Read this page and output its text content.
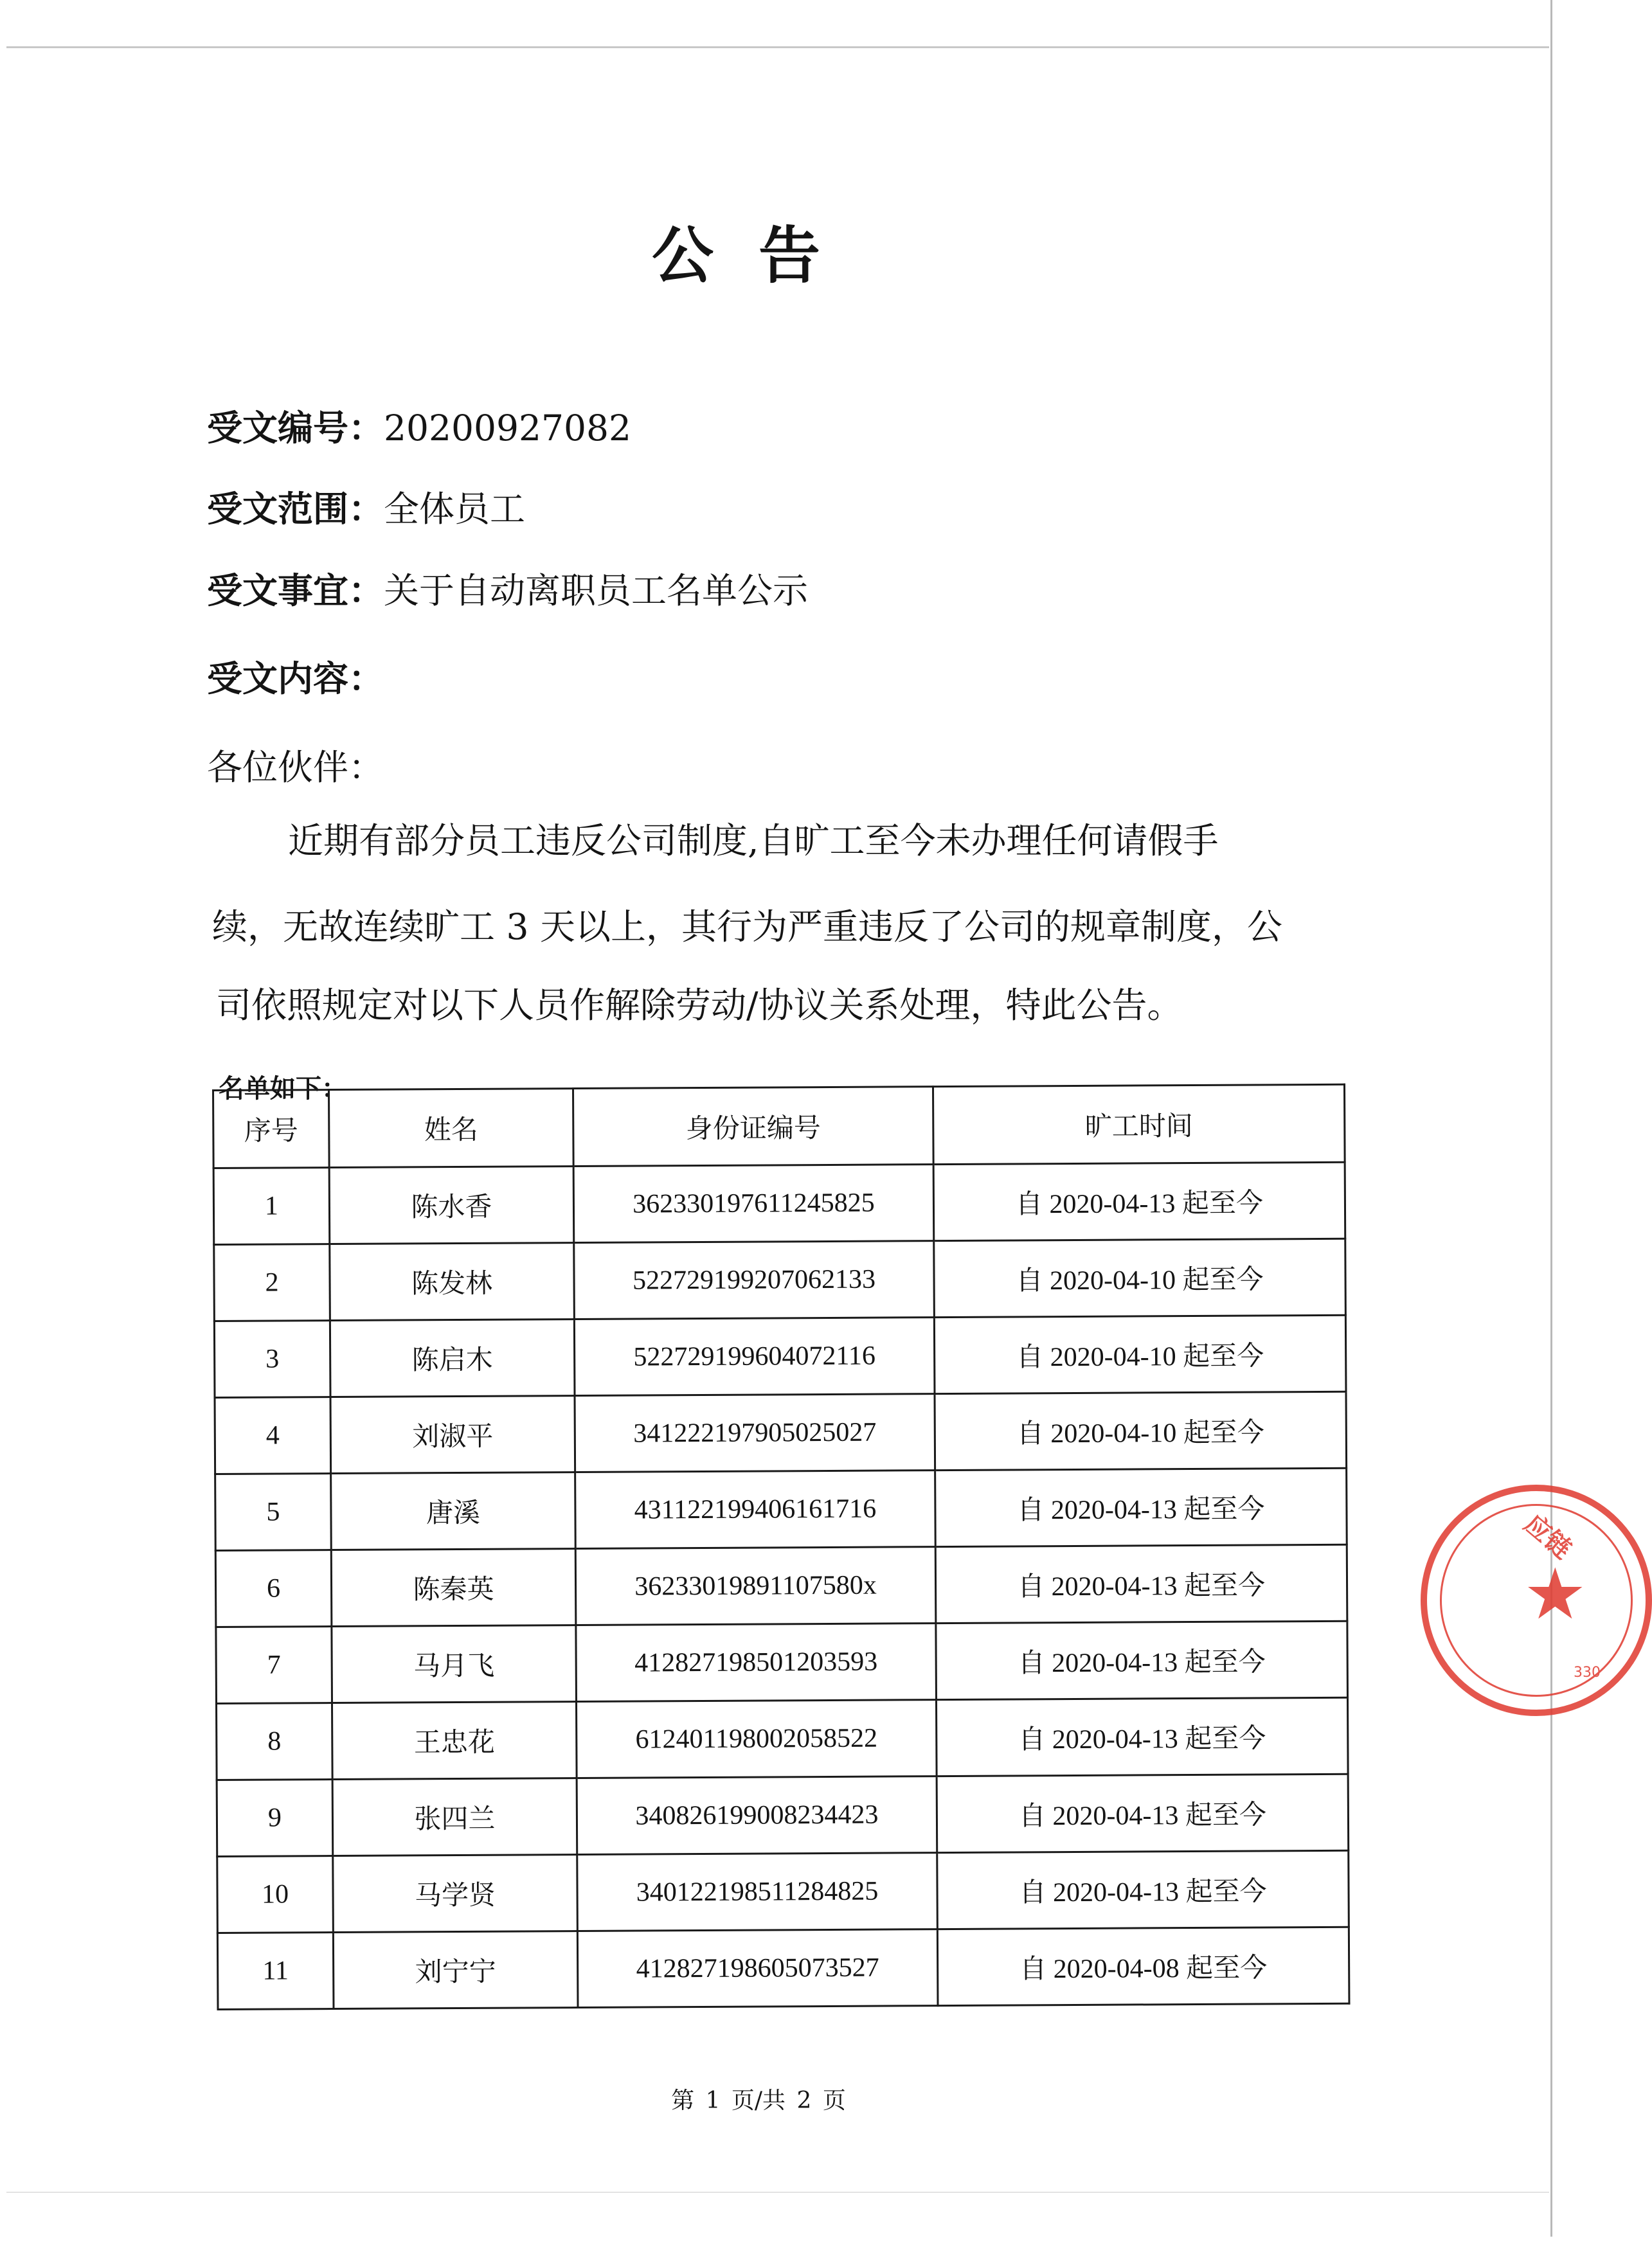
公告
受文编号：20200927082
受文范围：全体员工
受文事宜：关于自动离职员工名单公示
受文内容：
各位伙伴：
近期有部分员工违反公司制度,自旷工至今未办理任何请假手
续，无故连续旷工 3 天以上，其行为严重违反了公司的规章制度，公
司依照规定对以下人员作解除劳动/协议关系处理，特此公告。
名单如下：
序号	姓名	身份证编号	旷工时间
1	陈水香	362330197611245825	自 2020-04-13 起至今
2	陈发林	522729199207062133	自 2020-04-10 起至今
3	陈启木	522729199604072116	自 2020-04-10 起至今
4	刘淑平	341222197905025027	自 2020-04-10 起至今
5	唐溪	431122199406161716	自 2020-04-13 起至今
6	陈秦英	36233019891107580x	自 2020-04-13 起至今
7	马月飞	412827198501203593	自 2020-04-13 起至今
8	王忠花	612401198002058522	自 2020-04-13 起至今
9	张四兰	340826199008234423	自 2020-04-13 起至今
10	马学贤	340122198511284825	自 2020-04-13 起至今
11	刘宁宁	412827198605073527	自 2020-04-08 起至今
★
应链
330
第 1 页/共 2 页
